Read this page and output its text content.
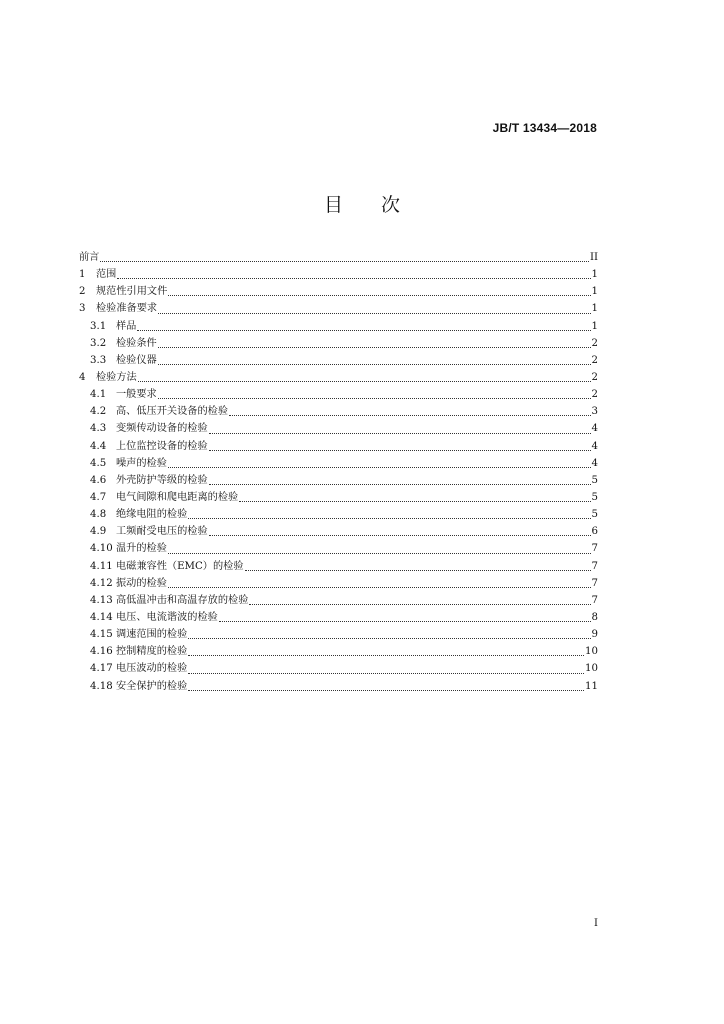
JB/T 13434—2018
目 次
前言	II
1	范围	1
2	规范性引用文件	1
3	检验准备要求	1
3.1 样品	1
3.2 检验条件	2
3.3 检验仪器	2
4	检验方法	2
4.1 一般要求	2
4.2 高、低压开关设备的检验	3
4.3 变频传动设备的检验	4
4.4 上位监控设备的检验	4
4.5 噪声的检验	4
4.6 外壳防护等级的检验	5
4.7 电气间隙和爬电距离的检验	5
4.8 绝缘电阻的检验	5
4.9 工频耐受电压的检验	6
4.10 温升的检验	7
4.11 电磁兼容性（EMC）的检验	7
4.12 振动的检验	7
4.13 高低温冲击和高温存放的检验	7
4.14 电压、电流谐波的检验	8
4.15 调速范围的检验	9
4.16 控制精度的检验	10
4.17 电压波动的检验	10
4.18 安全保护的检验	11
I
